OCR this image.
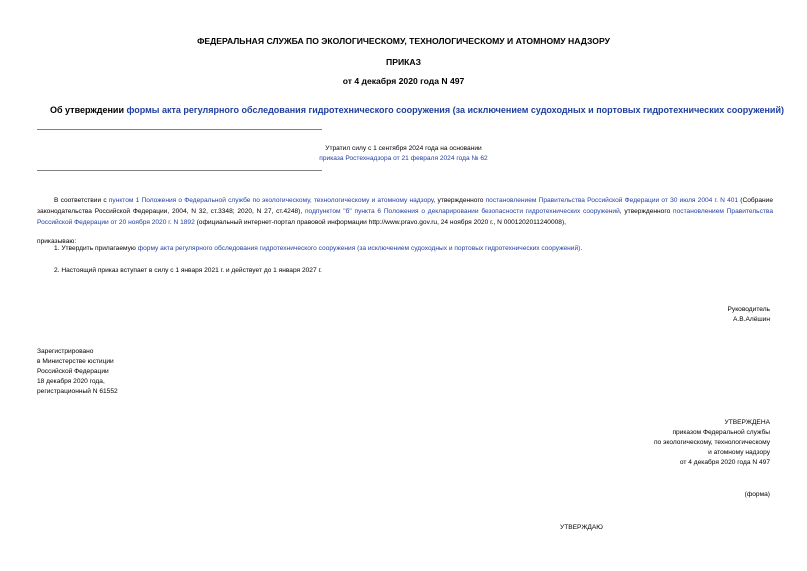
ФЕДЕРАЛЬНАЯ СЛУЖБА ПО ЭКОЛОГИЧЕСКОМУ, ТЕХНОЛОГИЧЕСКОМУ И АТОМНОМУ НАДЗОРУ
ПРИКАЗ
от 4 декабря 2020 года N 497
Об утверждении формы акта регулярного обследования гидротехнического сооружения (за исключением судоходных и портовых гидротехнических сооружений)
Утратил силу с 1 сентября 2024 года на основании
приказа Ростехнадзора от 21 февраля 2024 года № 62
В соответствии с пунктом 1 Положения о Федеральной службе по экологическому, технологическому и атомному надзору, утвержденного постановлением Правительства Российской Федерации от 30 июля 2004 г. N 401 (Собрание законодательства Российской Федерации, 2004, N 32, ст.3348; 2020, N 27, ст.4248), подпунктом "б" пункта 6 Положения о декларировании безопасности гидротехнических сооружений, утвержденного постановлением Правительства Российской Федерации от 20 ноября 2020 г. N 1892 (официальный интернет-портал правовой информации http://www.pravo.gov.ru, 24 ноября 2020 г., N 0001202011240008),
приказываю:
1. Утвердить прилагаемую форму акта регулярного обследования гидротехнического сооружения (за исключением судоходных и портовых гидротехнических сооружений).
2. Настоящий приказ вступает в силу с 1 января 2021 г. и действует до 1 января 2027 г.
Руководитель
А.В.Алёшин
Зарегистрировано
в Министерстве юстиции
Российской Федерации
18 декабря 2020 года,
регистрационный N 61552
УТВЕРЖДЕНА
приказом Федеральной службы
по экологическому, технологическому
и атомному надзору
от 4 декабря 2020 года N 497
(форма)
УТВЕРЖДАЮ
